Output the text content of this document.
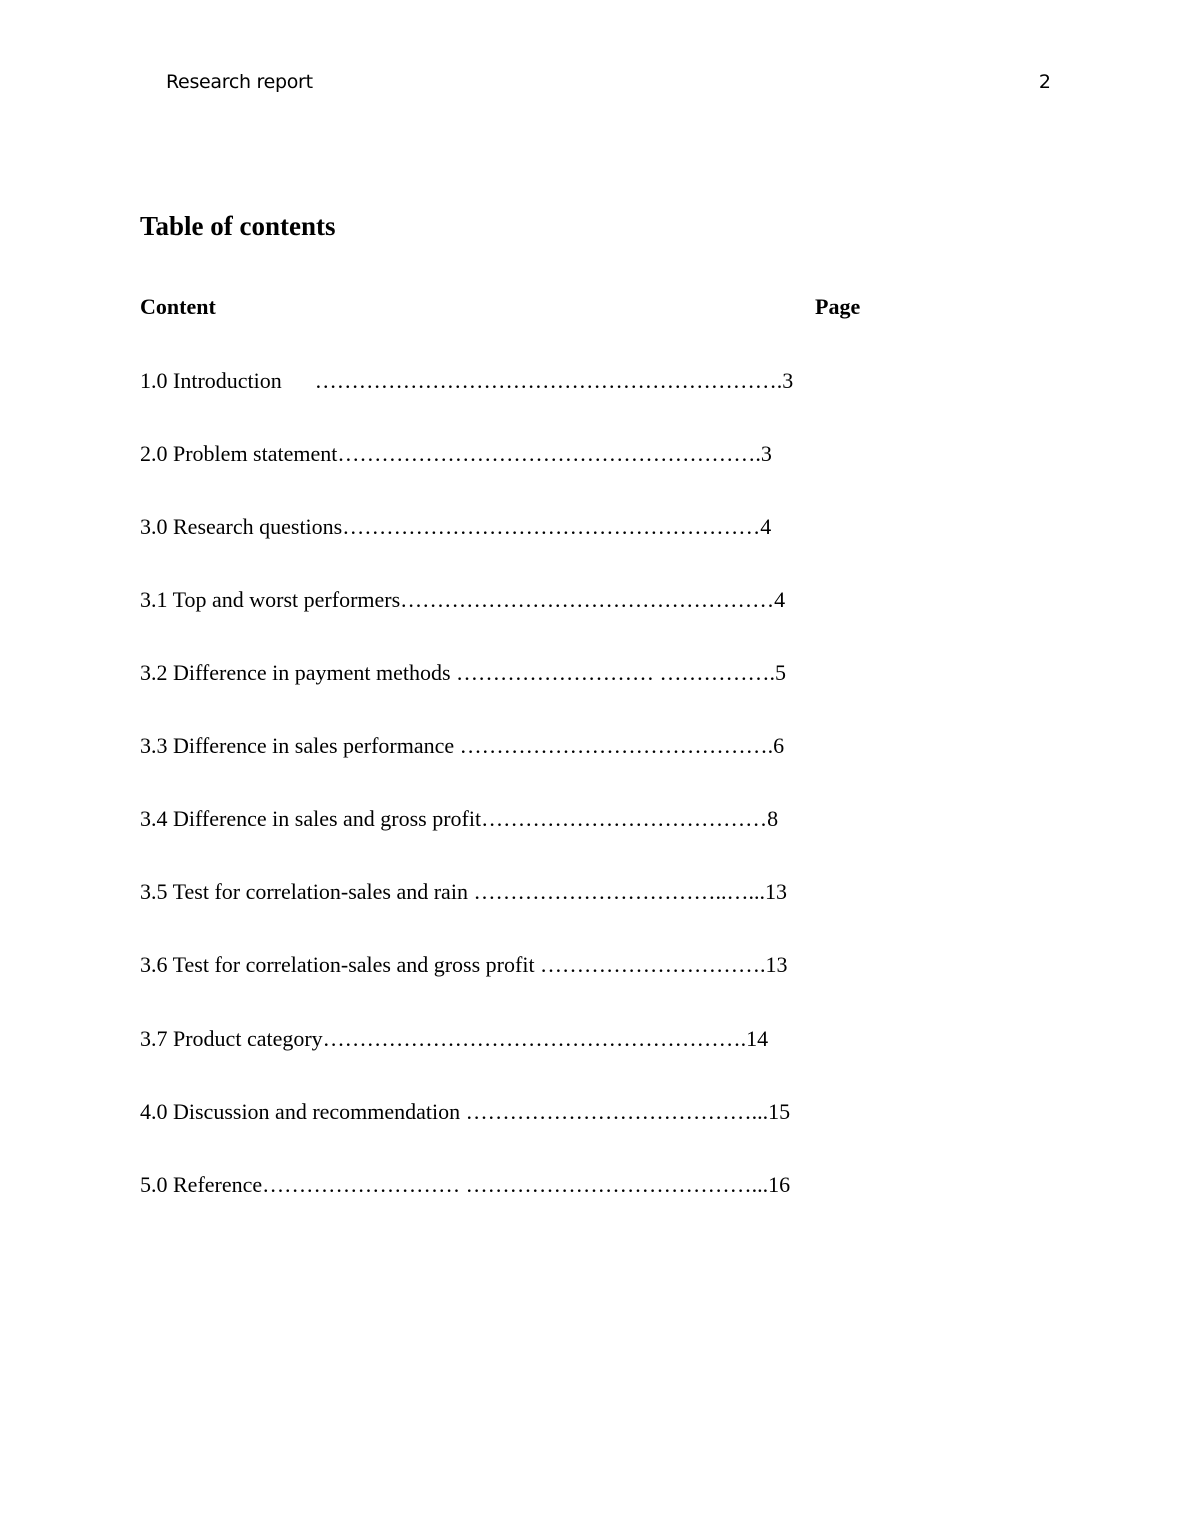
Research report	2
Table of contents
Content	Page
1.0 Introduction      ……………………………………………………….3
2.0 Problem statement………………………………………………….3
3.0 Research questions…………………………………………………4
3.1 Top and worst performers……………………………………………4
3.2 Difference in payment methods ……………………… …………….5
3.3 Difference in sales performance …………………………………….6
3.4 Difference in sales and gross profit…………………………………8
3.5 Test for correlation-sales and rain ……………………………..…...13
3.6 Test for correlation-sales and gross profit ………………………….13
3.7 Product category………………………………………………….14
4.0 Discussion and recommendation …………………………………...15
5.0 Reference……………………… …………………………………...16
